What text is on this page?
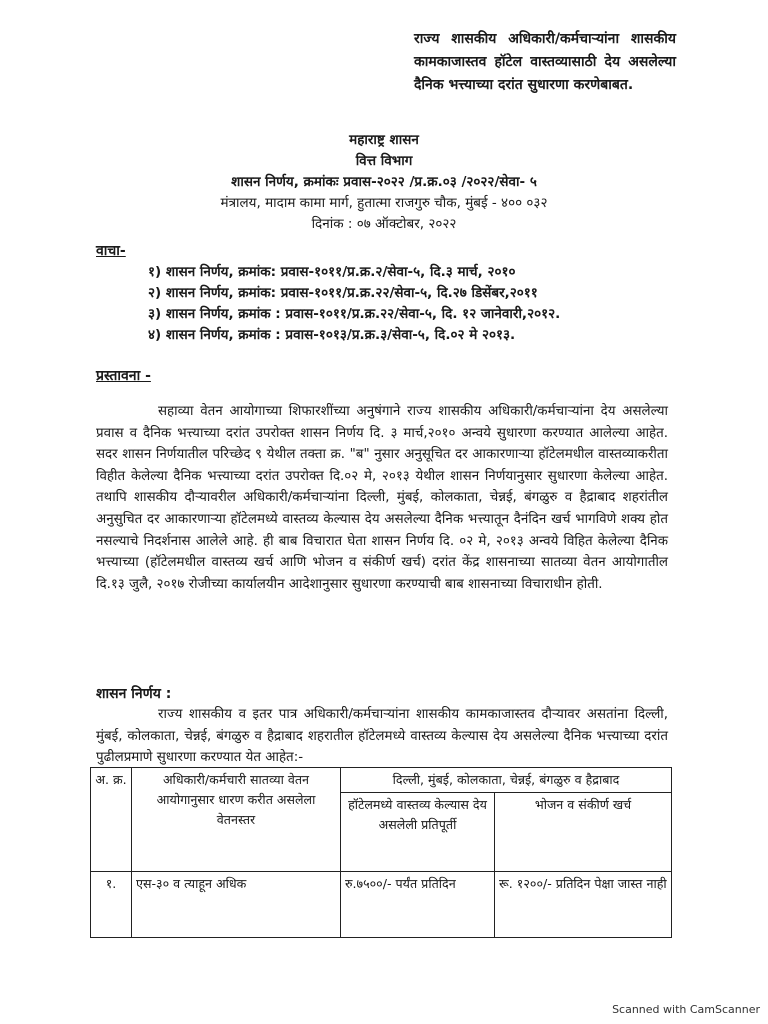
राज्य शासकीय अधिकारी/कर्मचाऱ्यांना शासकीय कामकाजास्तव हॉटेल वास्तव्यासाठी देय असलेल्या दैनिक भत्त्याच्या दरांत सुधारणा करणेबाबत.
महाराष्ट्र शासन
वित्त विभाग
शासन निर्णय, क्रमांकः प्रवास-२०२२ /प्र.क्र.०३ /२०२२/सेवा- ५
मंत्रालय, मादाम कामा मार्ग, हुतात्मा राजगुरु चौक, मुंबई - ४०० ०३२
दिनांक : ०७ ऑक्टोबर, २०२२
वाचा-
१) शासन निर्णय, क्रमांक: प्रवास-१०११/प्र.क्र.२/सेवा-५, दि.३ मार्च, २०१०
२) शासन निर्णय, क्रमांक: प्रवास-१०११/प्र.क्र.२२/सेवा-५, दि.२७ डिसेंबर,२०११
३) शासन निर्णय, क्रमांक : प्रवास-१०११/प्र.क्र.२२/सेवा-५, दि. १२ जानेवारी,२०१२.
४) शासन निर्णय, क्रमांक : प्रवास-१०१३/प्र.क्र.३/सेवा-५, दि.०२ मे २०१३.
प्रस्तावना -

सहाव्या वेतन आयोगाच्या शिफारशींच्या अनुषंगाने राज्य शासकीय अधिकारी/कर्मचाऱ्यांना देय असलेल्या प्रवास व दैनिक भत्त्याच्या दरांत उपरोक्त शासन निर्णय दि. ३ मार्च,२०१० अन्वये सुधारणा करण्यात आलेल्या आहेत. सदर शासन निर्णयातील परिच्छेद ९ येथील तक्ता क्र. "ब" नुसार अनुसूचित दर आकारणाऱ्या हॉटेलमधील वास्तव्याकरीता विहीत केलेल्या दैनिक भत्त्याच्या दरांत उपरोक्त दि.०२ मे, २०१३ येथील शासन निर्णयानुसार सुधारणा केलेल्या आहेत. तथापि शासकीय दौऱ्यावरील अधिकारी/कर्मचाऱ्यांना दिल्ली, मुंबई, कोलकाता, चेन्नई, बंगळुरु व हैद्राबाद शहरांतील अनुसुचित दर आकारणाऱ्या हॉटेलमध्ये वास्तव्य केल्यास देय असलेल्या दैनिक भत्त्यातून दैनंदिन खर्च भागविणे शक्य होत नसल्याचे निदर्शनास आलेले आहे. ही बाब विचारात घेता शासन निर्णय दि. ०२ मे, २०१३ अन्वये विहित केलेल्या दैनिक भत्त्याच्या (हॉटेलमधील वास्तव्य खर्च आणि भोजन व संकीर्ण खर्च) दरांत केंद्र शासनाच्या सातव्या वेतन आयोगातील दि.१३ जुलै, २०१७ रोजीच्या कार्यालयीन आदेशानुसार सुधारणा करण्याची बाब शासनाच्या विचाराधीन होती.

शासन निर्णय :

राज्य शासकीय व इतर पात्र अधिकारी/कर्मचाऱ्यांना शासकीय कामकाजास्तव दौऱ्यावर असतांना दिल्ली, मुंबई, कोलकाता, चेन्नई, बंगळुरु व हैद्राबाद शहरातील हॉटेलमध्ये वास्तव्य केल्यास देय असलेल्या दैनिक भत्त्याच्या दरांत पुढीलप्रमाणे सुधारणा करण्यात येत आहेत:-

अ. क्र.	अधिकारी/कर्मचारी सातव्या वेतन आयोगानुसार धारण करीत असलेला वेतनस्तर	दिल्ली, मुंबई, कोलकाता, चेन्नई, बंगळुरु व हैद्राबाद	
		हॉटेलमध्ये वास्तव्य केल्यास देय असलेली प्रतिपूर्ती	भोजन व संकीर्ण खर्च
१.	एस-३० व त्याहून अधिक	रु.७५००/- पर्यंत प्रतिदिन	रू. १२००/- प्रतिदिन पेक्षा जास्त नाही
Scanned with CamScanner
